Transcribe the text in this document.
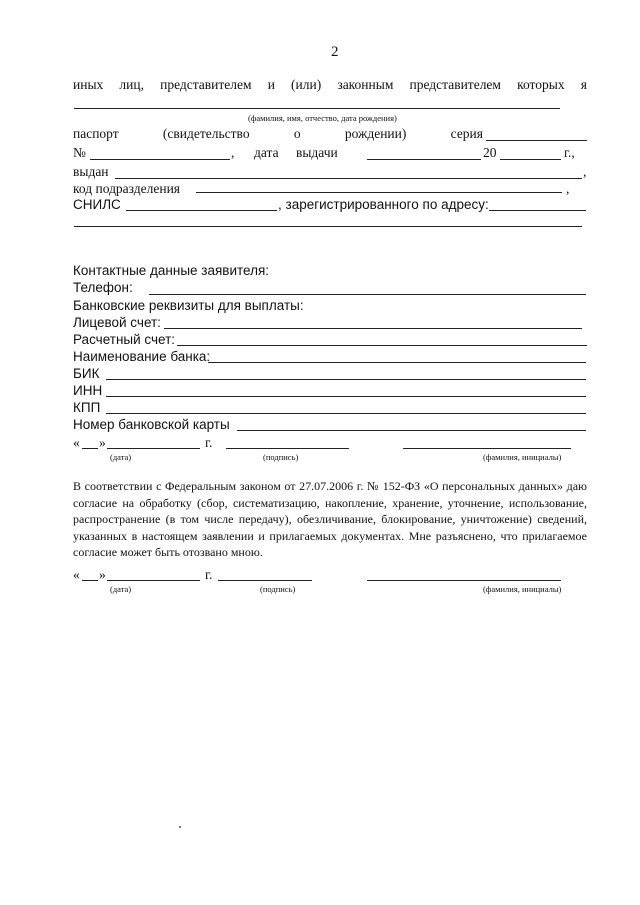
2
иных лиц, представителем и (или) законным представителем которых я
(фамилия, имя, отчество, дата рождения)
паспорт	(свидетельство	о	рождении)	серия
№	, дата выдачи	20	г.,
выдан	,
код подразделения	,
СНИЛС	, зарегистрированного по адресу:
Контактные данные заявителя:
Телефон:
Банковские реквизиты для выплаты:
Лицевой счет:
Расчетный счет:
Наименование банка:
БИК
ИНН
КПП
Номер банковской карты
« »	г.
(дата)	(подпись)	(фамилия, инициалы)
В соответствии с Федеральным законом от 27.07.2006 г. № 152-ФЗ «О персональных данных» даю согласие на обработку (сбор, систематизацию, накопление, хранение, уточнение, использование, распространение (в том числе передачу), обезличивание, блокирование, уничтожение) сведений, указанных в настоящем заявлении и прилагаемых документах. Мне разъяснено, что прилагаемое согласие может быть отозвано мною.
« »	г.
(дата)	(подпись)	(фамилия, инициалы)
